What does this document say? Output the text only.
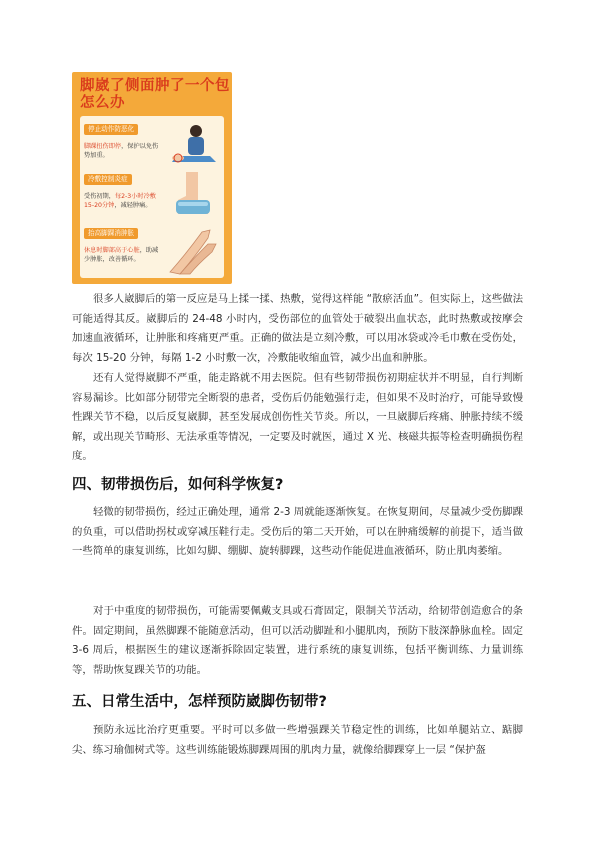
脚崴了侧面肿了一个包怎么办
停止动作防恶化
脚踝扭伤即停，保护以免伤势加重。
冷敷控制炎症
受伤初期，每2-3小时冷敷15-20分钟，减轻肿痛。
抬高脚踝消肿胀
休息时脚部高于心脏，助减少肿胀，改善循环。

很多人崴脚后的第一反应是马上揉一揉、热敷，觉得这样能 “散瘀活血”。但实际上，这些做法可能适得其反。崴脚后的 24-48 小时内，受伤部位的血管处于破裂出血状态，此时热敷或按摩会加速血液循环，让肿胀和疼痛更严重。正确的做法是立刻冷敷，可以用冰袋或冷毛巾敷在受伤处，每次 15-20 分钟，每隔 1-2 小时敷一次，冷敷能收缩血管，减少出血和肿胀。

还有人觉得崴脚不严重，能走路就不用去医院。但有些韧带损伤初期症状并不明显，自行判断容易漏诊。比如部分韧带完全断裂的患者，受伤后仍能勉强行走，但如果不及时治疗，可能导致慢性踝关节不稳，以后反复崴脚，甚至发展成创伤性关节炎。所以，一旦崴脚后疼痛、肿胀持续不缓解，或出现关节畸形、无法承重等情况，一定要及时就医，通过 X 光、核磁共振等检查明确损伤程度。

四、韧带损伤后，如何科学恢复?

轻微的韧带损伤，经过正确处理，通常 2-3 周就能逐渐恢复。在恢复期间，尽量减少受伤脚踝的负重，可以借助拐杖或穿减压鞋行走。受伤后的第二天开始，可以在肿痛缓解的前提下，适当做一些简单的康复训练，比如勾脚、绷脚、旋转脚踝，这些动作能促进血液循环，防止肌肉萎缩。

对于中重度的韧带损伤，可能需要佩戴支具或石膏固定，限制关节活动，给韧带创造愈合的条件。固定期间，虽然脚踝不能随意活动，但可以活动脚趾和小腿肌肉，预防下肢深静脉血栓。固定 3-6 周后，根据医生的建议逐渐拆除固定装置，进行系统的康复训练，包括平衡训练、力量训练等，帮助恢复踝关节的功能。

五、日常生活中，怎样预防崴脚伤韧带?

预防永远比治疗更重要。平时可以多做一些增强踝关节稳定性的训练，比如单腿站立、踮脚尖、练习瑜伽树式等。这些训练能锻炼脚踝周围的肌肉力量，就像给脚踝穿上一层 “保护盔
